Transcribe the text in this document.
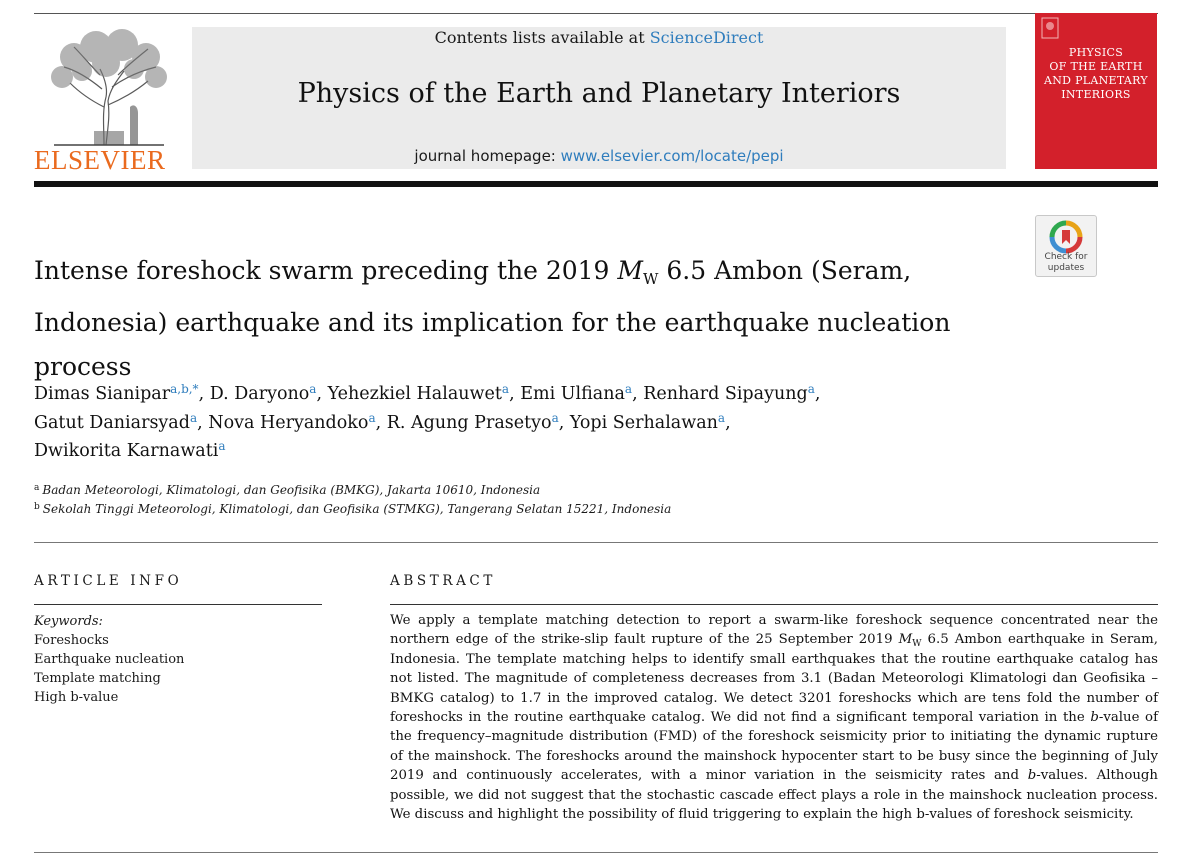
Contents lists available at ScienceDirect
Physics of the Earth and Planetary Interiors
journal homepage: www.elsevier.com/locate/pepi
ELSEVIER
PHYSICS
OF THE EARTH
AND PLANETARY
INTERIORS
Check for
updates
Intense foreshock swarm preceding the 2019 $M_W$ 6.5 Ambon (Seram, Indonesia) earthquake and its implication for the earthquake nucleation process
Dimas Sianipar$^{a,b,*}$, D. Daryono$^a$, Yehezkiel Halauwet$^a$, Emi Ulfiana$^a$, Renhard Sipayung$^a$,
Gatut Daniarsyad$^a$, Nova Heryandoko$^a$, R. Agung Prasetyo$^a$, Yopi Serhalawan$^a$,
Dwikorita Karnawati$^a$
$^a$ Badan Meteorologi, Klimatologi, dan Geofisika (BMKG), Jakarta 10610, Indonesia
$^b$ Sekolah Tinggi Meteorologi, Klimatologi, dan Geofisika (STMKG), Tangerang Selatan 15221, Indonesia
ARTICLE INFO
Keywords:
Foreshocks
Earthquake nucleation
Template matching
High b-value
ABSTRACT

We apply a template matching detection to report a swarm-like foreshock sequence concentrated near the northern edge of the strike-slip fault rupture of the 25 September 2019 $M_W$ 6.5 Ambon earthquake in Seram, Indonesia. The template matching helps to identify small earthquakes that the routine earthquake catalog has not listed. The magnitude of completeness decreases from 3.1 (Badan Meteorologi Klimatologi dan Geofisika – BMKG catalog) to 1.7 in the improved catalog. We detect 3201 foreshocks which are tens fold the number of foreshocks in the routine earthquake catalog. We did not find a significant temporal variation in the b-value of the frequency–magnitude distribution (FMD) of the foreshock seismicity prior to initiating the dynamic rupture of the mainshock. The foreshocks around the mainshock hypocenter start to be busy since the beginning of July 2019 and continuously accelerates, with a minor variation in the seismicity rates and b-values. Although possible, we did not suggest that the stochastic cascade effect plays a role in the mainshock nucleation process. We discuss and highlight the possibility of fluid triggering to explain the high b-values of foreshock seismicity.
